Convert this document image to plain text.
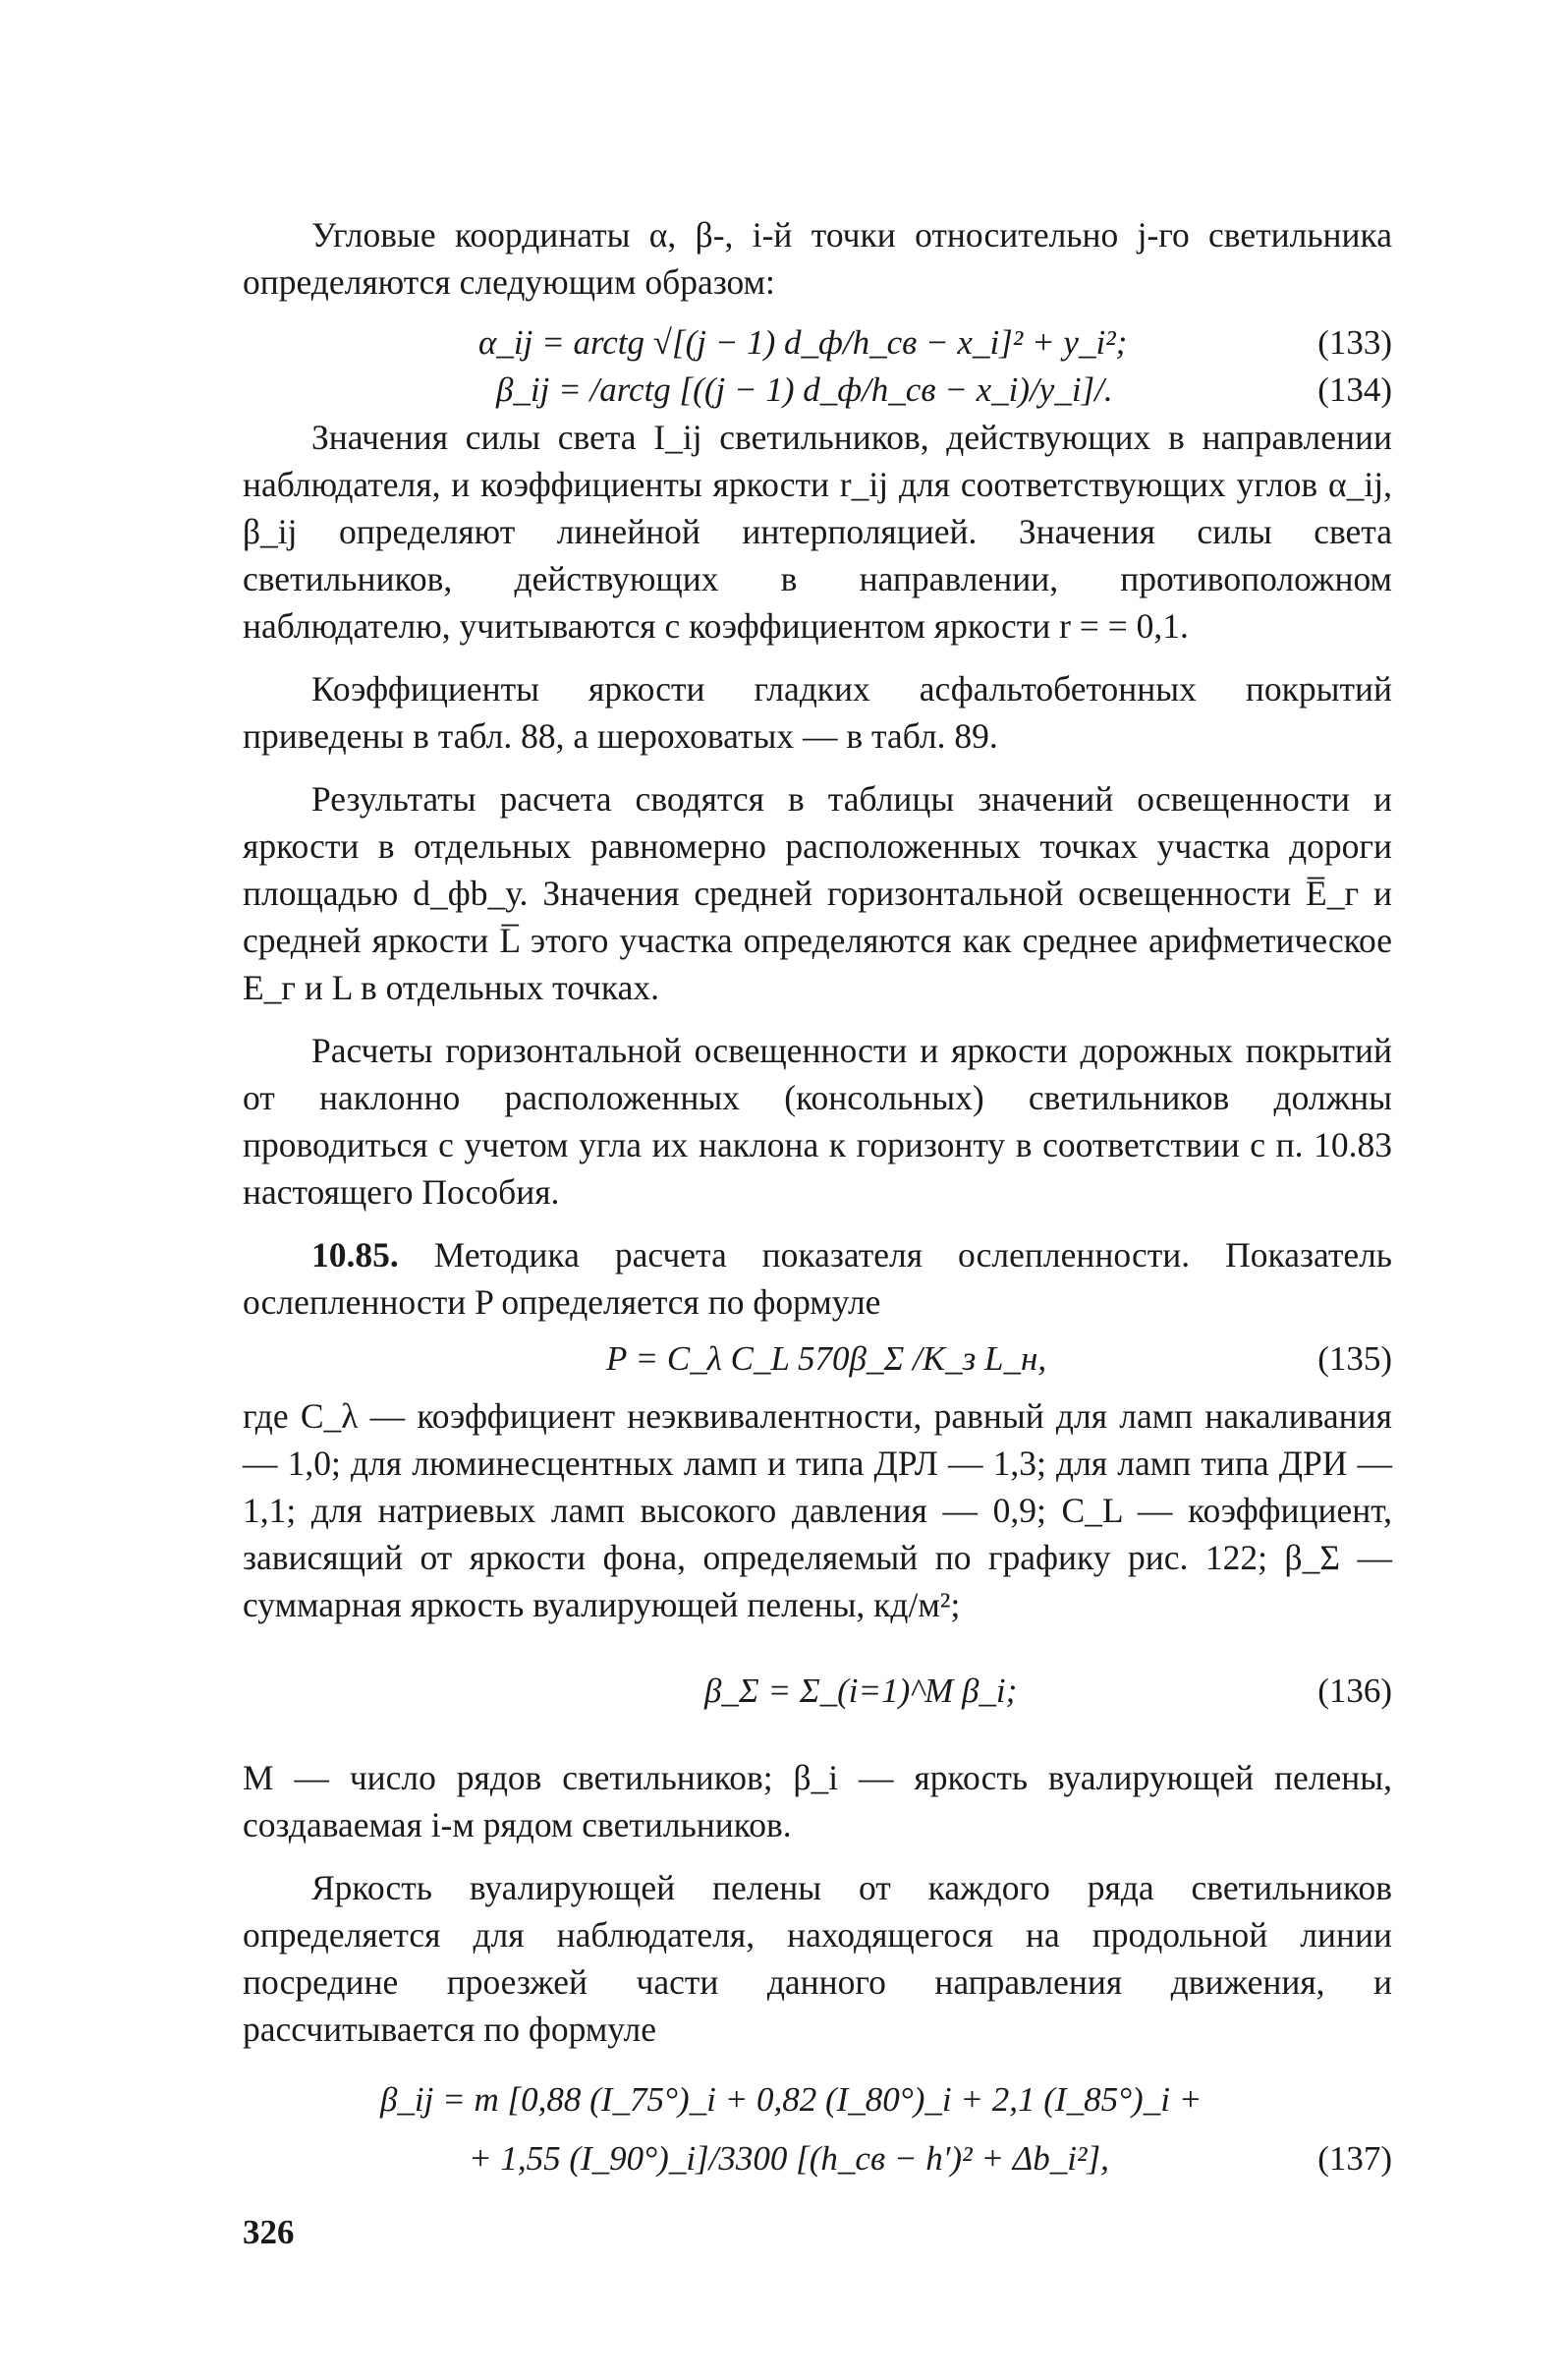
Угловые координаты α, β-, i-й точки относительно j-го светильника определяются следующим образом:

α_ij = arctg √[(j − 1) d_ф/h_св − x_i]² + y_i²;	(133)
β_ij = /arctg [((j − 1) d_ф/h_св − x_i)/y_i]/.	(134)

Значения силы света I_ij светильников, действующих в направлении наблюдателя, и коэффициенты яркости r_ij для соответствующих углов α_ij, β_ij определяют линейной интерполяцией. Значения силы света светильников, действующих в направлении, противоположном наблюдателю, учитываются с коэффициентом яркости r = = 0,1.

Коэффициенты яркости гладких асфальтобетонных покрытий приведены в табл. 88, а шероховатых — в табл. 89.

Результаты расчета сводятся в таблицы значений освещенности и яркости в отдельных равномерно расположенных точках участка дороги площадью d_фb_у. Значения средней горизонтальной освещенности E̅_г и средней яркости L̅ этого участка определяются как среднее арифметическое E_г и L в отдельных точках.

Расчеты горизонтальной освещенности и яркости дорожных покрытий от наклонно расположенных (консольных) светильников должны проводиться с учетом угла их наклона к горизонту в соответствии с п. 10.83 настоящего Пособия.

10.85. Методика расчета показателя ослепленности. Показатель ослепленности P определяется по формуле

P = C_λ C_L 570β_Σ /K_з L_н,	(135)

где C_λ — коэффициент неэквивалентности, равный для ламп накаливания — 1,0; для люминесцентных ламп и типа ДРЛ — 1,3; для ламп типа ДРИ — 1,1; для натриевых ламп высокого давления — 0,9; C_L — коэффициент, зависящий от яркости фона, определяемый по графику рис. 122; β_Σ — суммарная яркость вуалирующей пелены, кд/м²;

β_Σ = Σ_(i=1)^M β_i;	(136)

M — число рядов светильников; β_i — яркость вуалирующей пелены, создаваемая i-м рядом светильников.

Яркость вуалирующей пелены от каждого ряда светильников определяется для наблюдателя, находящегося на продольной линии посредине проезжей части данного направления движения, и рассчитывается по формуле

β_ij = m [0,88 (I_75°)_i + 0,82 (I_80°)_i + 2,1 (I_85°)_i +
+ 1,55 (I_90°)_i]/3300 [(h_св − h′)² + Δb_i²],	(137)
326
